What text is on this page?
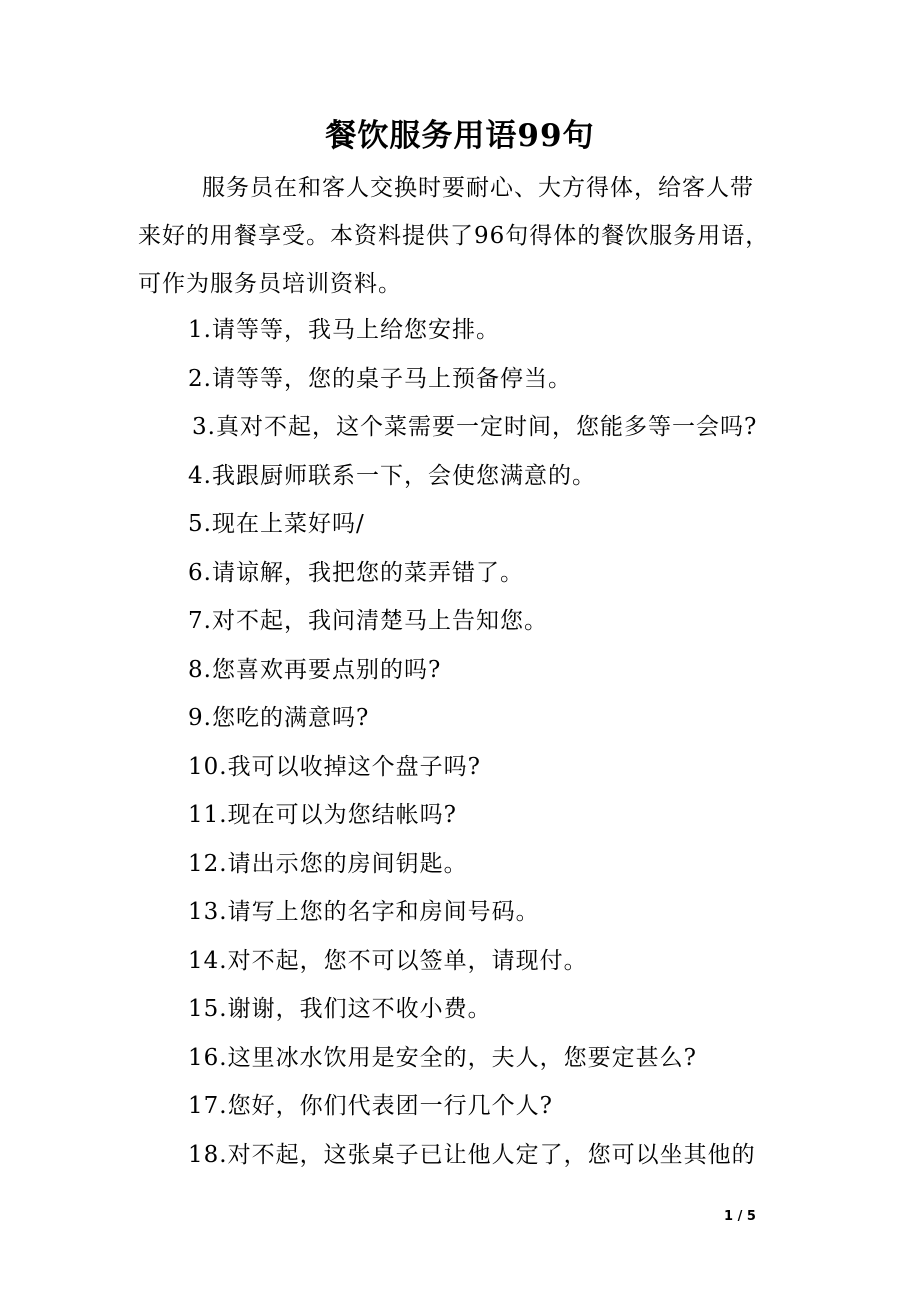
餐饮服务用语99句
服务员在和客人交换时要耐心、大方得体，给客人带
来好的用餐享受。本资料提供了96句得体的餐饮服务用语，
可作为服务员培训资料。
1.请等等，我马上给您安排。
2.请等等，您的桌子马上预备停当。
3.真对不起，这个菜需要一定时间，您能多等一会吗?
4.我跟厨师联系一下，会使您满意的。
5.现在上菜好吗/
6.请谅解，我把您的菜弄错了。
7.对不起，我问清楚马上告知您。
8.您喜欢再要点别的吗?
9.您吃的满意吗?
10.我可以收掉这个盘子吗?
11.现在可以为您结帐吗?
12.请出示您的房间钥匙。
13.请写上您的名字和房间号码。
14.对不起，您不可以签单，请现付。
15.谢谢，我们这不收小费。
16.这里冰水饮用是安全的，夫人，您要定甚么?
17.您好，你们代表团一行几个人?
18.对不起，这张桌子已让他人定了，您可以坐其他的
1 / 5
